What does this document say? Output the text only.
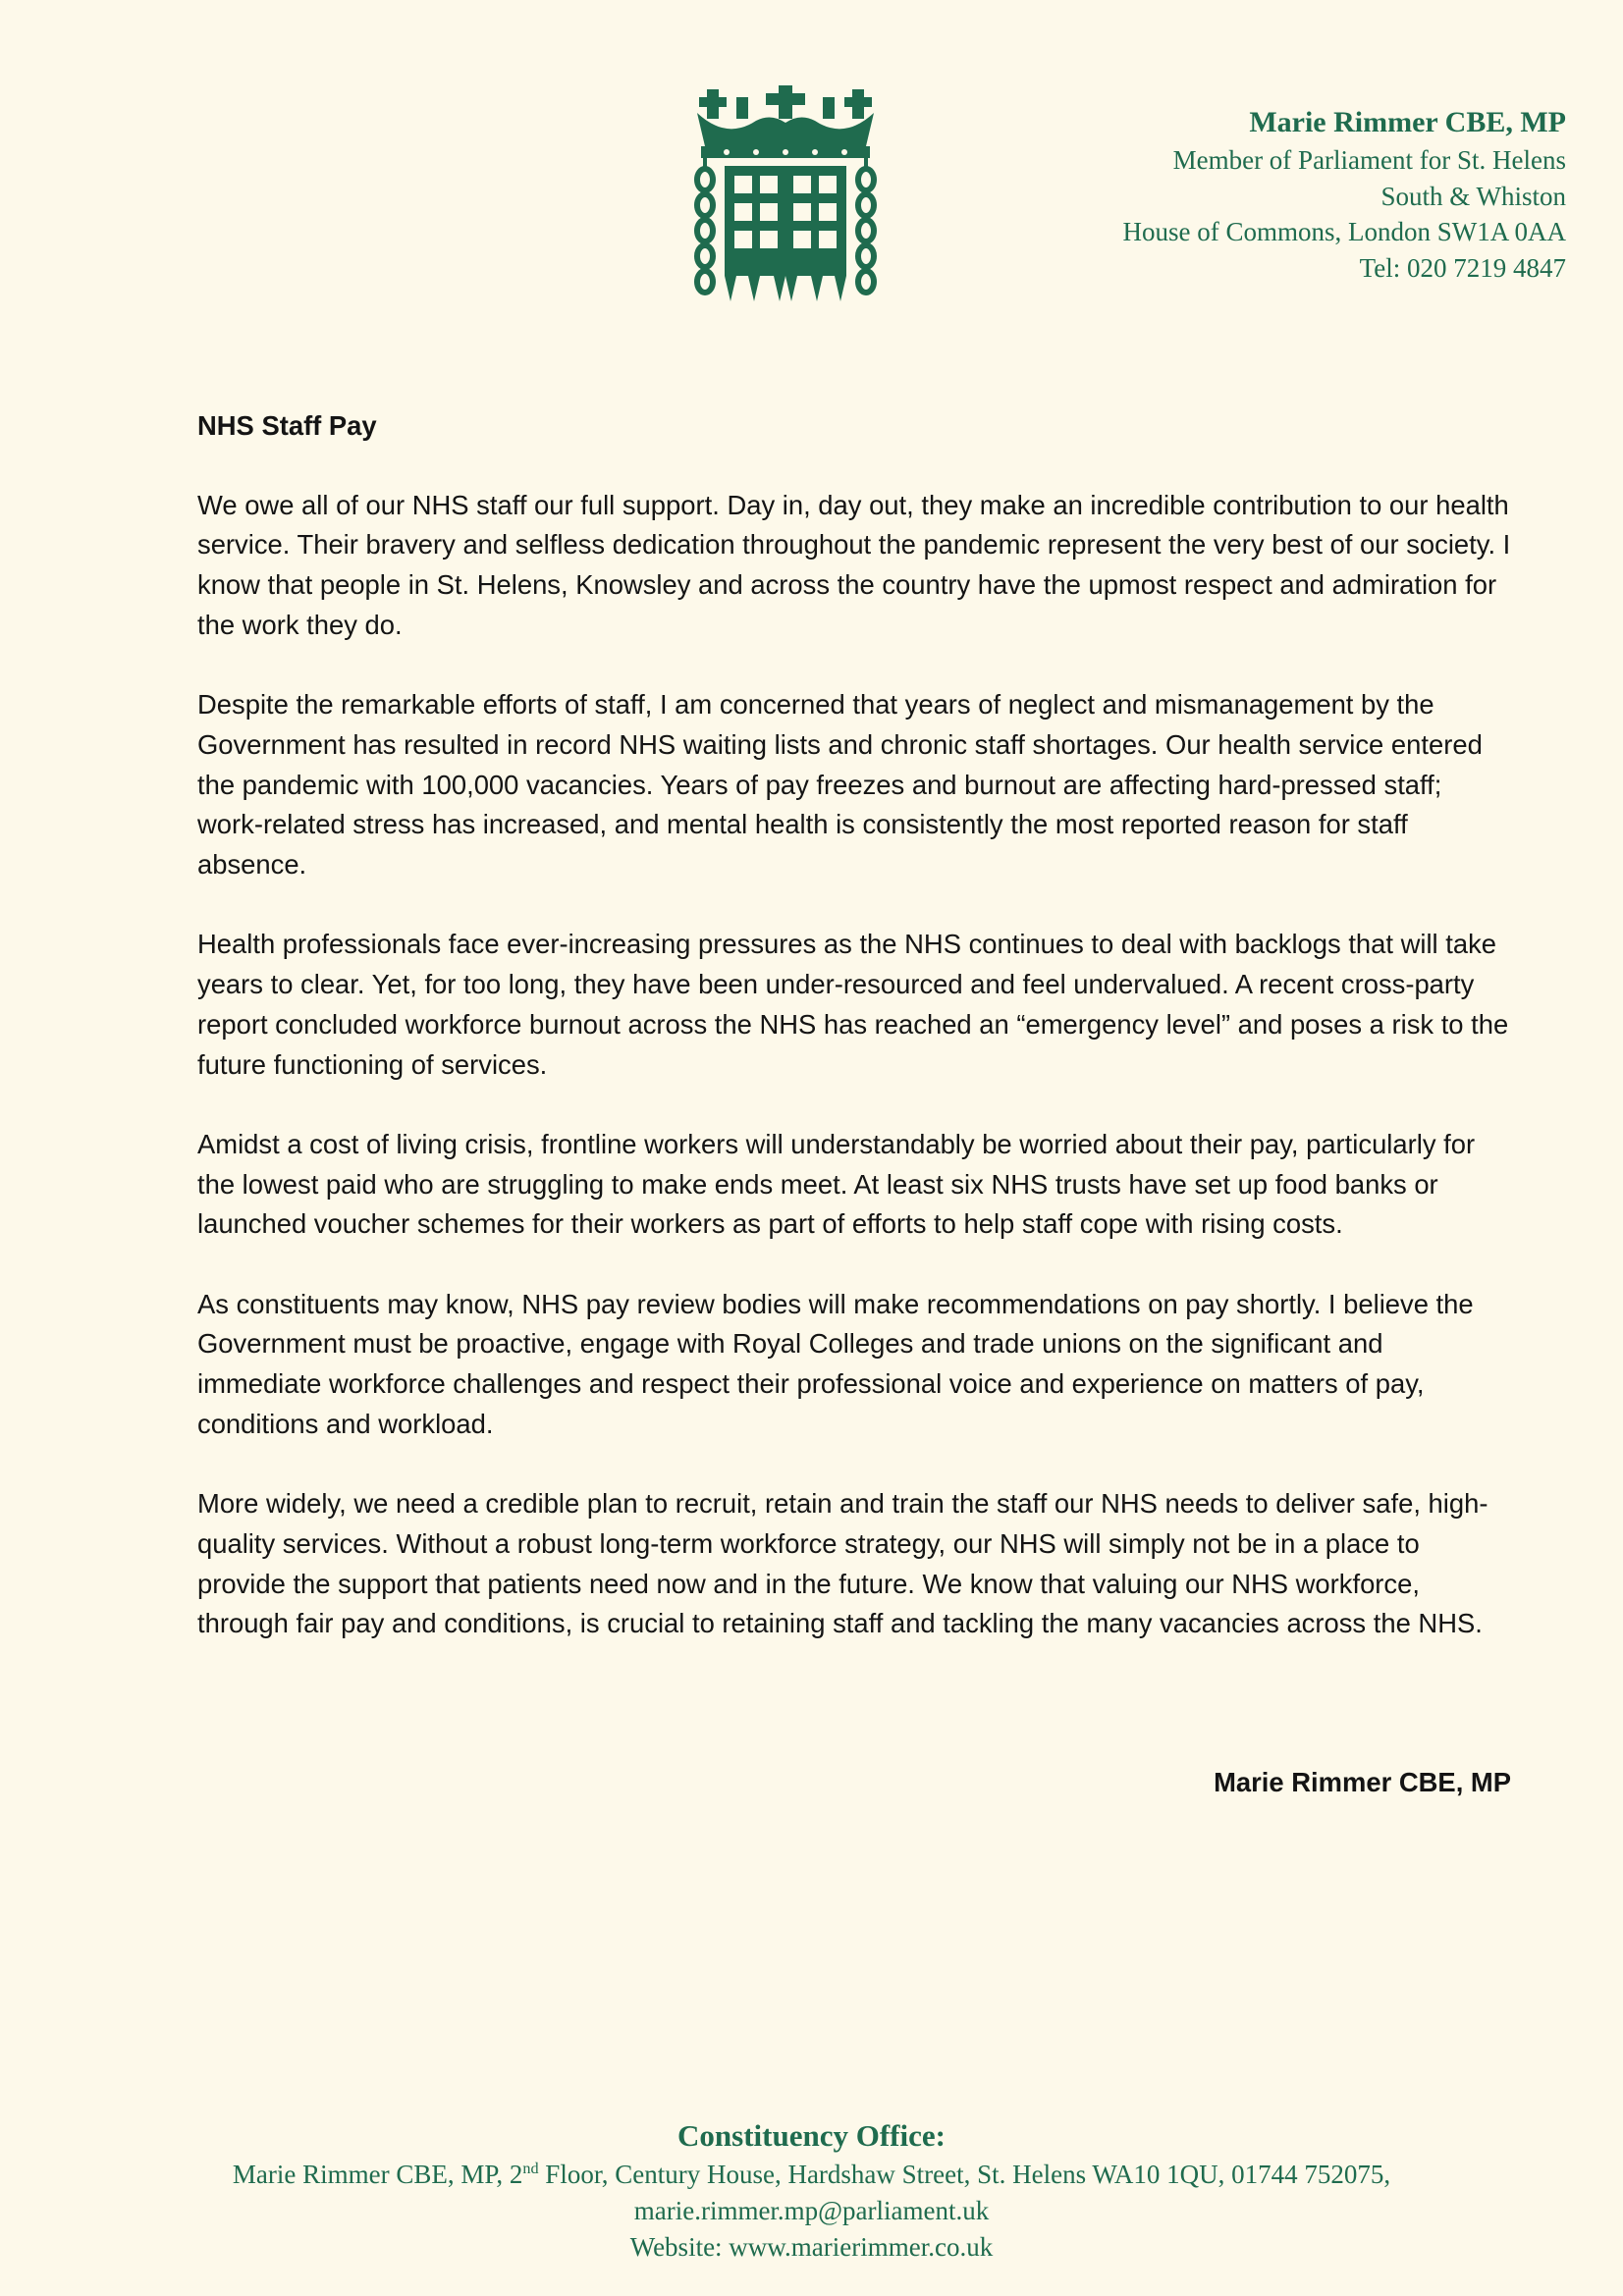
Marie Rimmer CBE, MP
Member of Parliament for St. Helens
South & Whiston
House of Commons, London SW1A 0AA
Tel: 020 7219 4847
NHS Staff Pay

We owe all of our NHS staff our full support. Day in, day out, they make an incredible contribution to our health service. Their bravery and selfless dedication throughout the pandemic represent the very best of our society. I know that people in St. Helens, Knowsley and across the country have the upmost respect and admiration for the work they do.

Despite the remarkable efforts of staff, I am concerned that years of neglect and mismanagement by the Government has resulted in record NHS waiting lists and chronic staff shortages. Our health service entered the pandemic with 100,000 vacancies. Years of pay freezes and burnout are affecting hard-pressed staff; work-related stress has increased, and mental health is consistently the most reported reason for staff absence.

Health professionals face ever-increasing pressures as the NHS continues to deal with backlogs that will take years to clear. Yet, for too long, they have been under-resourced and feel undervalued. A recent cross-party report concluded workforce burnout across the NHS has reached an “emergency level” and poses a risk to the future functioning of services.

Amidst a cost of living crisis, frontline workers will understandably be worried about their pay, particularly for the lowest paid who are struggling to make ends meet. At least six NHS trusts have set up food banks or launched voucher schemes for their workers as part of efforts to help staff cope with rising costs.

As constituents may know, NHS pay review bodies will make recommendations on pay shortly. I believe the Government must be proactive, engage with Royal Colleges and trade unions on the significant and immediate workforce challenges and respect their professional voice and experience on matters of pay, conditions and workload.

More widely, we need a credible plan to recruit, retain and train the staff our NHS needs to deliver safe, high-quality services. Without a robust long-term workforce strategy, our NHS will simply not be in a place to provide the support that patients need now and in the future. We know that valuing our NHS workforce, through fair pay and conditions, is crucial to retaining staff and tackling the many vacancies across the NHS.

Marie Rimmer CBE, MP
Constituency Office:
Marie Rimmer CBE, MP, 2nd Floor, Century House, Hardshaw Street, St. Helens WA10 1QU, 01744 752075,
marie.rimmer.mp@parliament.uk
Website: www.marierimmer.co.uk
